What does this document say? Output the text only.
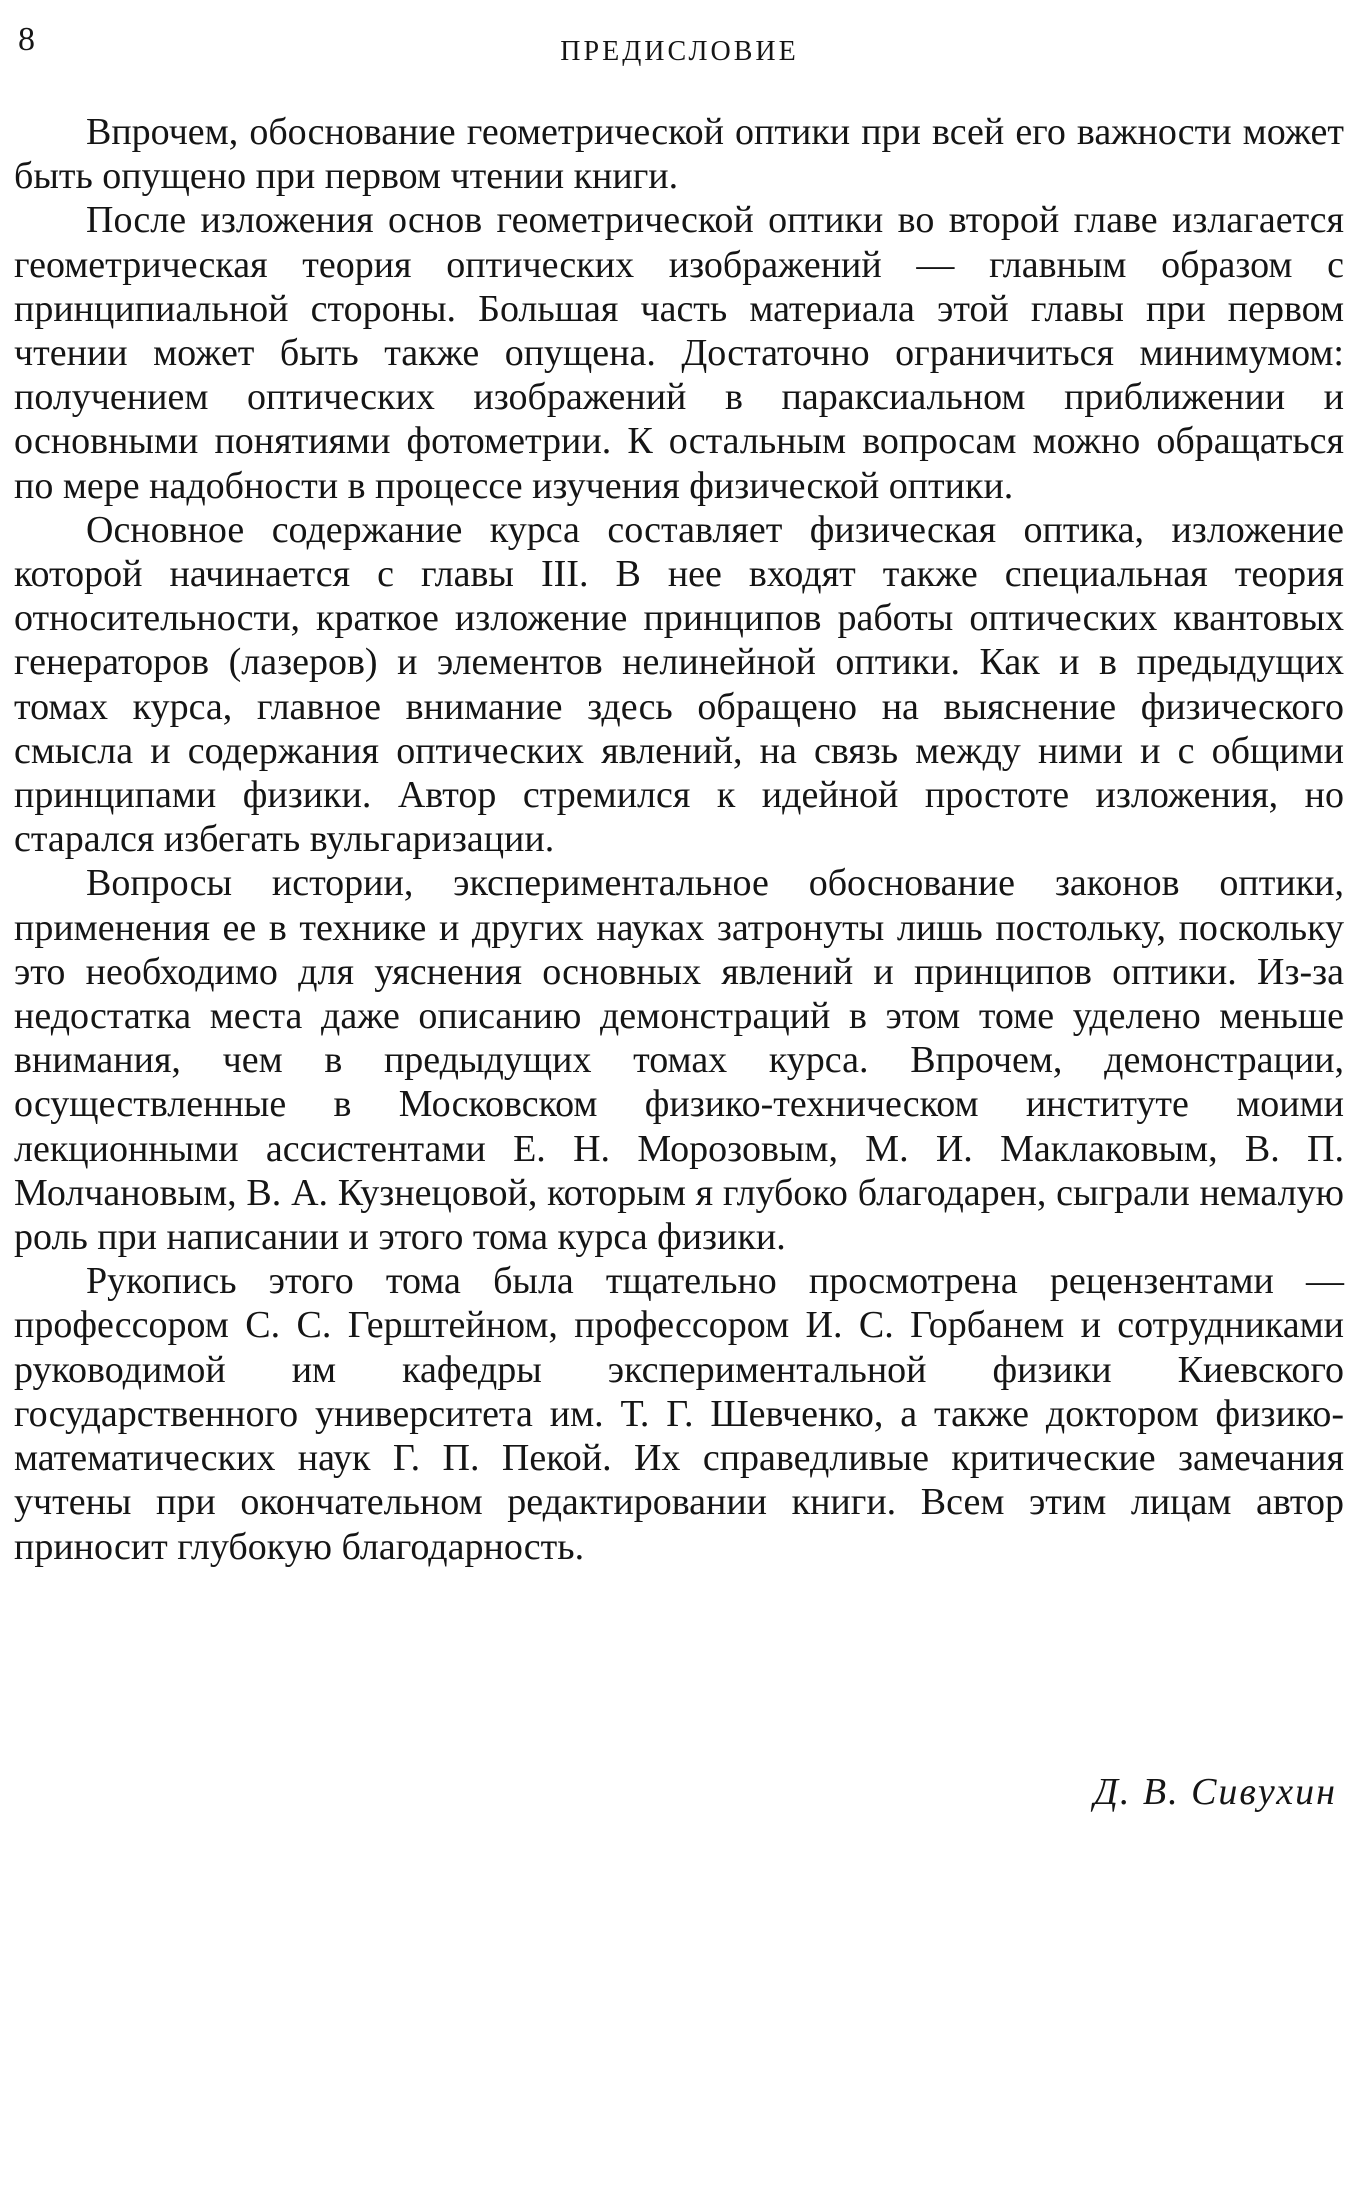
8	ПРЕДИСЛОВИЕ

Впрочем, обоснование геометрической оптики при всей его важности может быть опущено при первом чтении книги.

После изложения основ геометрической оптики во второй главе излагается геометрическая теория оптических изображений — главным образом с принципиальной стороны. Большая часть материала этой главы при первом чтении может быть также опущена. Достаточно ограничиться минимумом: получением оптических изображений в параксиальном приближении и основными понятиями фотометрии. К остальным вопросам можно обращаться по мере надобности в процессе изучения физической оптики.

Основное содержание курса составляет физическая оптика, изложение которой начинается с главы III. В нее входят также специальная теория относительности, краткое изложение принципов работы оптических квантовых генераторов (лазеров) и элементов нелинейной оптики. Как и в предыдущих томах курса, главное внимание здесь обращено на выяснение физического смысла и содержания оптических явлений, на связь между ними и с общими принципами физики. Автор стремился к идейной простоте изложения, но старался избегать вульгаризации.

Вопросы истории, экспериментальное обоснование законов оптики, применения ее в технике и других науках затронуты лишь постольку, поскольку это необходимо для уяснения основных явлений и принципов оптики. Из-за недостатка места даже описанию демонстраций в этом томе уделено меньше внимания, чем в предыдущих томах курса. Впрочем, демонстрации, осуществленные в Московском физико-техническом институте моими лекционными ассистентами Е. Н. Морозовым, М. И. Маклаковым, В. П. Молчановым, В. А. Кузнецовой, которым я глубоко благодарен, сыграли немалую роль при написании и этого тома курса физики.

Рукопись этого тома была тщательно просмотрена рецензентами — профессором С. С. Герштейном, профессором И. С. Горбанем и сотрудниками руководимой им кафедры экспериментальной физики Киевского государственного университета им. Т. Г. Шевченко, а также доктором физико-математических наук Г. П. Пекой. Их справедливые критические замечания учтены при окончательном редактировании книги. Всем этим лицам автор приносит глубокую благодарность.

Д. В. Сивухин
